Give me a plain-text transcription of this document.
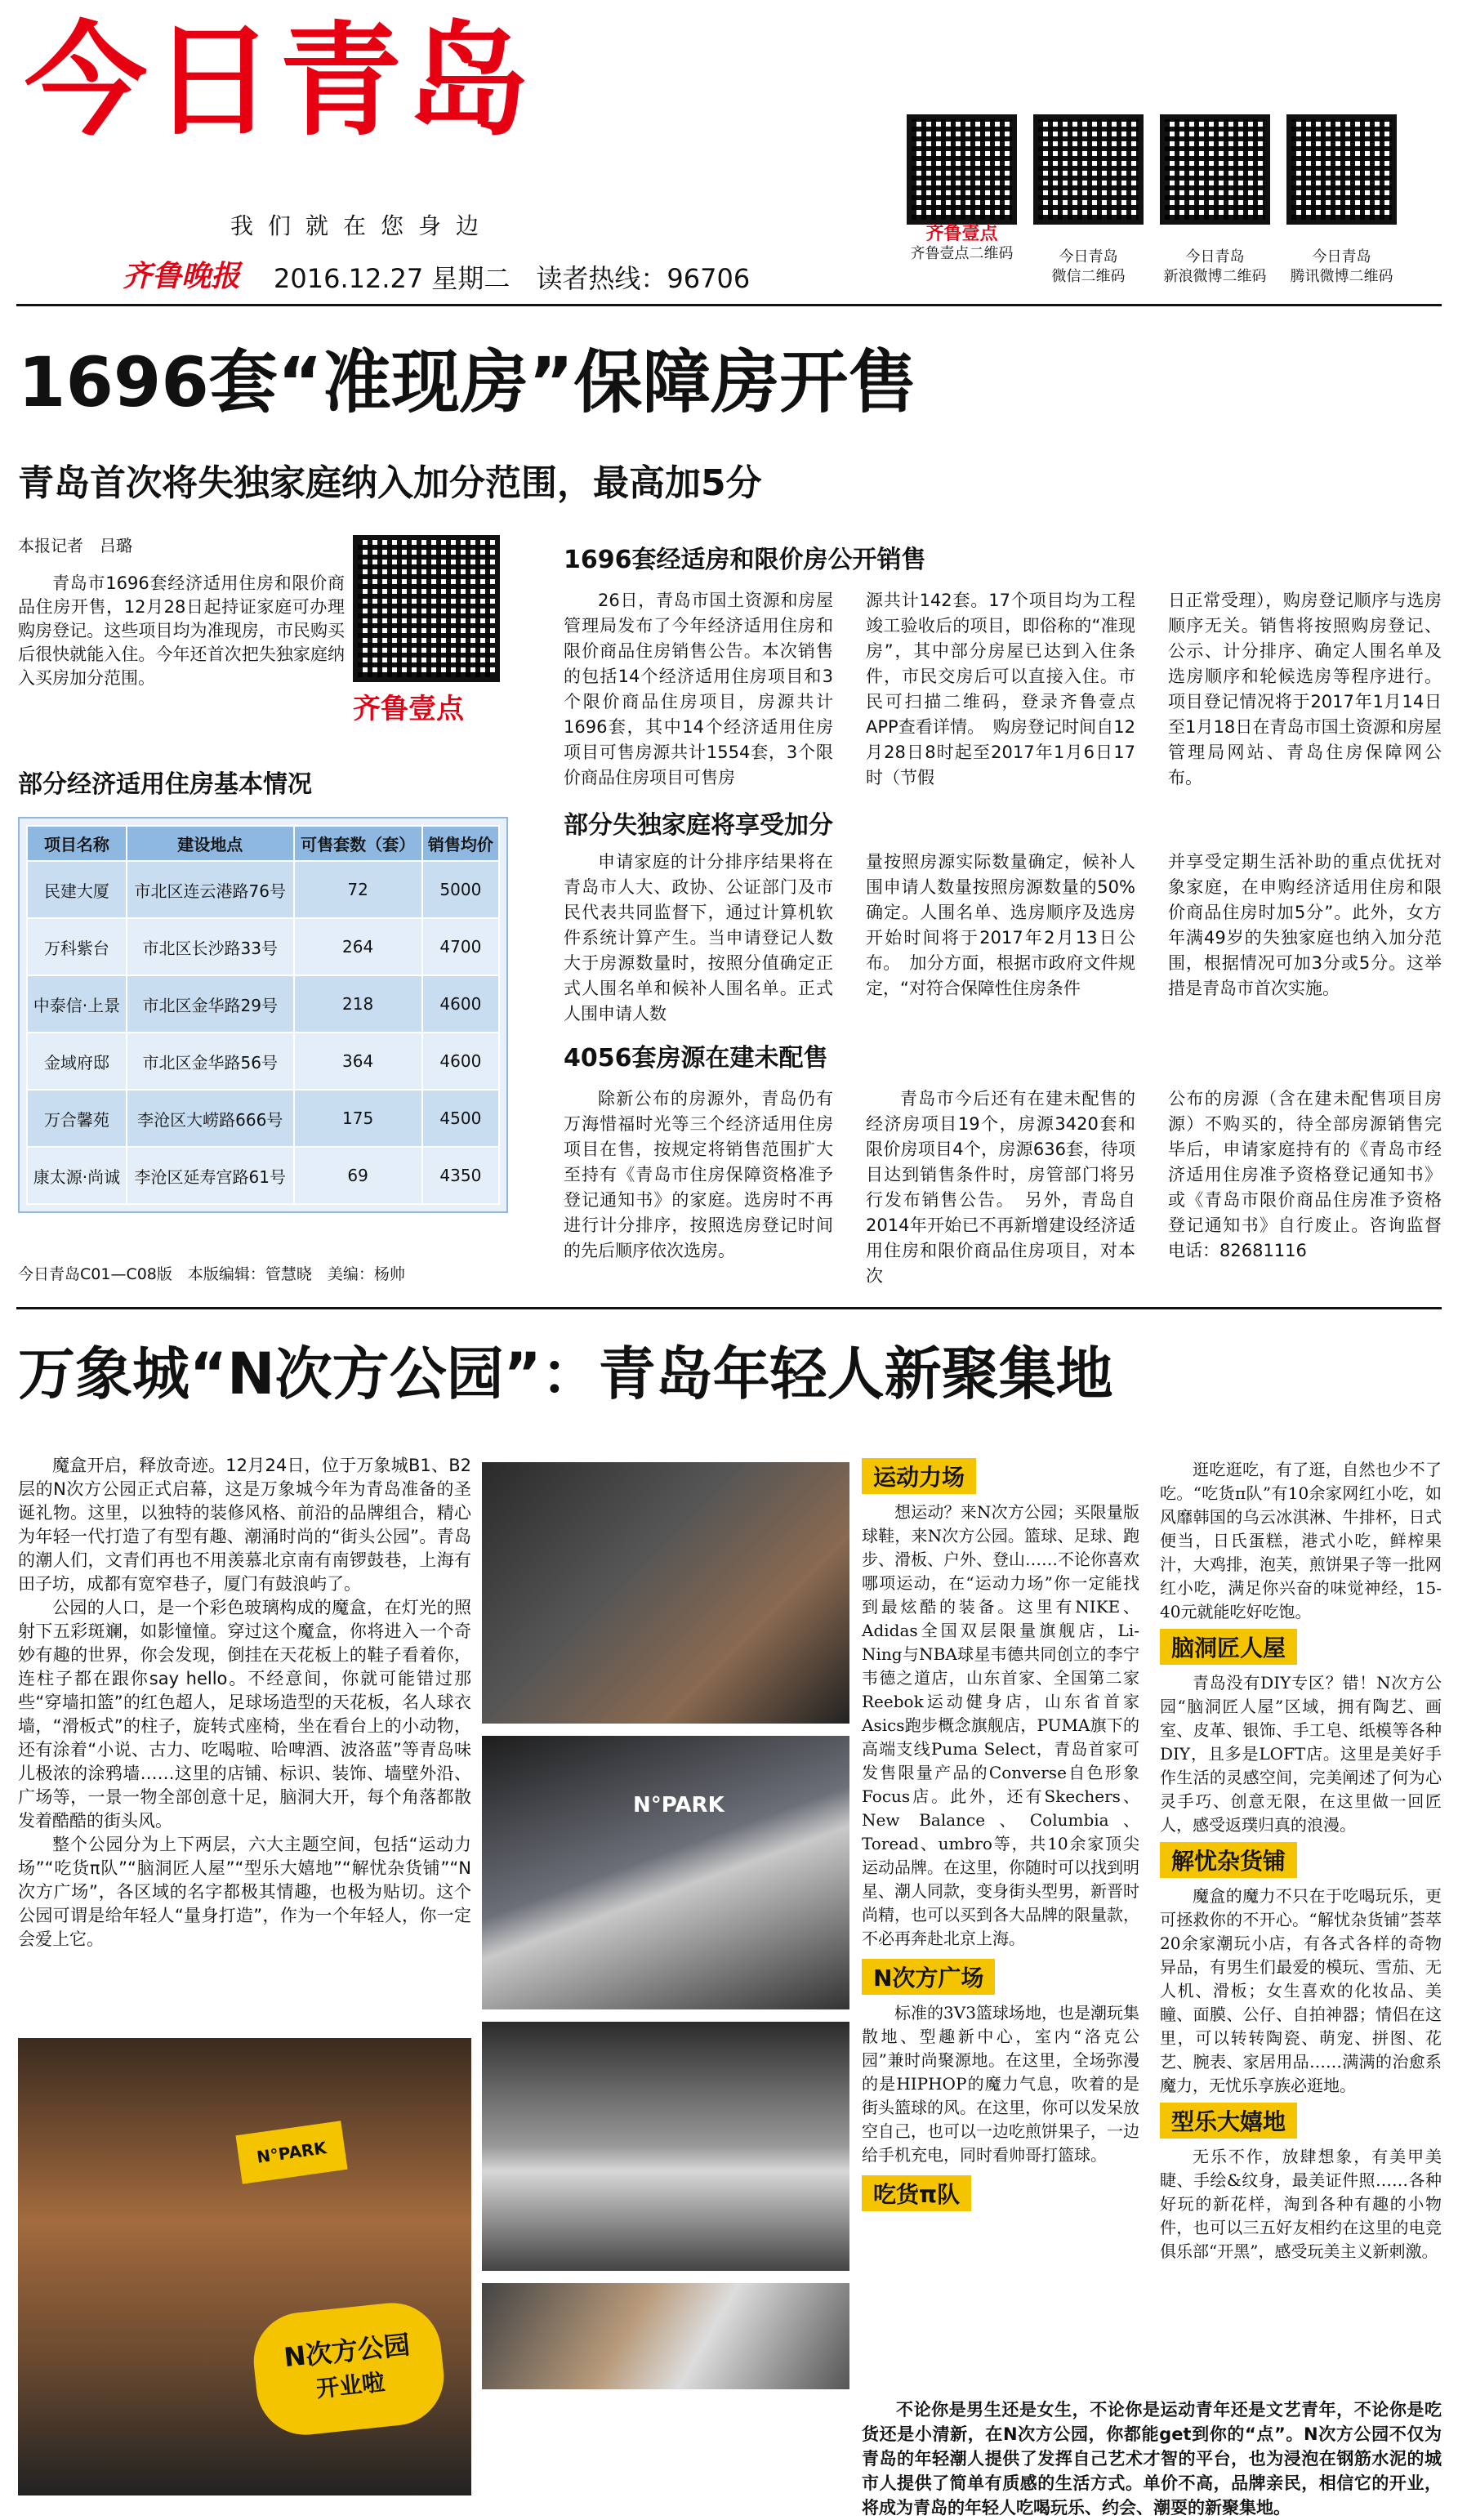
今日青岛
我们就在您身边
齐鲁晚报 2016.12.27 星期二　 读者热线：96706
齐鲁壹点
齐鲁壹点二维码	今日青岛
微信二维码
今日青岛
新浪微博二维码
今日青岛
腾讯微博二维码
1696套“准现房”保障房开售
青岛首次将失独家庭纳入加分范围，最高加5分
本报记者　吕璐

青岛市1696套经济适用住房和限价商品住房开售，12月28日起持证家庭可办理购房登记。这些项目均为准现房，市民购买后很快就能入住。今年还首次把失独家庭纳入买房加分范围。

齐鲁壹点
部分经济适用住房基本情况
项目名称	建设地点	可售套数（套）	销售均价
民建大厦	市北区连云港路76号	72	5000
万科紫台	市北区长沙路33号	264	4700
中泰信·上景	市北区金华路29号	218	4600
金域府邸	市北区金华路56号	364	4600
万合馨苑	李沧区大崂路666号	175	4500
康太源·尚诚	李沧区延寿宫路61号	69	4350
今日青岛C01—C08版　本版编辑：管慧晓　美编：杨帅
1696套经适房和限价房公开销售

26日，青岛市国土资源和房屋管理局发布了今年经济适用住房和限价商品住房销售公告。本次销售的包括14个经济适用住房项目和3个限价商品住房项目，房源共计1696套，其中14个经济适用住房项目可售房源共计1554套，3个限价商品住房项目可售房

源共计142套。17个项目均为工程竣工验收后的项目，即俗称的“准现房”，其中部分房屋已达到入住条件，市民交房后可以直接入住。市民可扫描二维码，登录齐鲁壹点APP查看详情。　购房登记时间自12月28日8时起至2017年1月6日17时（节假

日正常受理），购房登记顺序与选房顺序无关。销售将按照购房登记、公示、计分排序、确定人围名单及选房顺序和轮候选房等程序进行。项目登记情况将于2017年1月14日至1月18日在青岛市国土资源和房屋管理局网站、青岛住房保障网公布。

部分失独家庭将享受加分

申请家庭的计分排序结果将在青岛市人大、政协、公证部门及市民代表共同监督下，通过计算机软件系统计算产生。当申请登记人数大于房源数量时，按照分值确定正式人围名单和候补人围名单。正式人围申请人数

量按照房源实际数量确定，候补人围申请人数量按照房源数量的50%确定。人围名单、选房顺序及选房开始时间将于2017年2月13日公布。　加分方面，根据市政府文件规定，“对符合保障性住房条件

并享受定期生活补助的重点优抚对象家庭，在申购经济适用住房和限价商品住房时加5分”。此外，女方年满49岁的失独家庭也纳入加分范围，根据情况可加3分或5分。这举措是青岛市首次实施。

4056套房源在建未配售

除新公布的房源外，青岛仍有万海惜福时光等三个经济适用住房项目在售，按规定将销售范围扩大至持有《青岛市住房保障资格准予登记通知书》的家庭。选房时不再进行计分排序，按照选房登记时间的先后顺序依次选房。

青岛市今后还有在建未配售的经济房项目19个，房源3420套和限价房项目4个，房源636套，待项目达到销售条件时，房管部门将另行发布销售公告。　另外，青岛自2014年开始已不再新增建设经济适用住房和限价商品住房项目，对本次

公布的房源（含在建未配售项目房源）不购买的，待全部房源销售完毕后，申请家庭持有的《青岛市经济适用住房准予资格登记通知书》或《青岛市限价商品住房准予资格登记通知书》自行废止。咨询监督电话：82681116

万象城“N次方公园”：青岛年轻人新聚集地

魔盒开启，释放奇迹。12月24日，位于万象城B1、B2层的N次方公园正式启幕，这是万象城今年为青岛准备的圣诞礼物。这里，以独特的装修风格、前沿的品牌组合，精心为年轻一代打造了有型有趣、潮涌时尚的“街头公园”。青岛的潮人们，文青们再也不用羡慕北京南有南锣鼓巷，上海有田子坊，成都有宽窄巷子，厦门有鼓浪屿了。

公园的人口，是一个彩色玻璃构成的魔盒，在灯光的照射下五彩斑斓，如影憧憧。穿过这个魔盒，你将进入一个奇妙有趣的世界，你会发现，倒挂在天花板上的鞋子看着你，连柱子都在跟你say hello。不经意间，你就可能错过那些“穿墙扣篮”的红色超人，足球场造型的天花板，名人球衣墙，“滑板式”的柱子，旋转式座椅，坐在看台上的小动物，还有涂着“小说、古力、吃喝啦、哈啤酒、波洛蓝”等青岛味儿极浓的涂鸦墙……这里的店铺、标识、装饰、墙壁外沿、广场等，一景一物全部创意十足，脑洞大开，每个角落都散发着酷酷的街头风。

整个公园分为上下两层，六大主题空间，包括“运动力场”“吃货π队”“脑洞匠人屋”“型乐大嬉地”“解忧杂货铺”“N次方广场”，各区域的名字都极其情趣，也极为贴切。这个公园可谓是给年轻人“量身打造”，作为一个年轻人，你一定会爱上它。

N°PARK
N次方公园
开业啦
N°PARK
运动力场

想运动？来N次方公园；买限量版球鞋，来N次方公园。篮球、足球、跑步、滑板、户外、登山……不论你喜欢哪项运动，在“运动力场”你一定能找到最炫酷的装备。这里有NIKE、Adidas全国双层限量旗舰店，Li-Ning与NBA球星韦德共同创立的李宁韦德之道店，山东首家、全国第二家Reebok运动健身店，山东省首家Asics跑步概念旗舰店，PUMA旗下的高端支线Puma Select，青岛首家可发售限量产品的Converse自色形象Focus店。此外，还有Skechers、New Balance、Columbia、Toread、umbro等，共10余家顶尖运动品牌。在这里，你随时可以找到明星、潮人同款，变身街头型男，新晋时尚精，也可以买到各大品牌的限量款，不必再奔赴北京上海。

N次方广场

标准的3V3篮球场地，也是潮玩集散地、型趣新中心，室内“洛克公园”兼时尚聚源地。在这里，全场弥漫的是HIPHOP的魔力气息，吹着的是街头篮球的风。在这里，你可以发呆放空自己，也可以一边吃煎饼果子，一边给手机充电，同时看帅哥打篮球。

吃货π队

逛吃逛吃，有了逛，自然也少不了吃。“吃货π队”有10余家网红小吃，如风靡韩国的乌云冰淇淋、牛排杯，日式便当，日氏蛋糕，港式小吃，鲜榨果汁，大鸡排，泡芙，煎饼果子等一批网红小吃，满足你兴奋的味觉神经，15-40元就能吃好吃饱。

脑洞匠人屋

青岛没有DIY专区？错！N次方公园“脑洞匠人屋”区域，拥有陶艺、画室、皮革、银饰、手工皂、纸模等各种DIY，且多是LOFT店。这里是美好手作生活的灵感空间，完美阐述了何为心灵手巧、创意无限，在这里做一回匠人，感受返璞归真的浪漫。

解忧杂货铺

魔盒的魔力不只在于吃喝玩乐，更可拯救你的不开心。“解忧杂货铺”荟萃20余家潮玩小店，有各式各样的奇物异品，有男生们最爱的模玩、雪茄、无人机、滑板；女生喜欢的化妆品、美瞳、面膜、公仔、自拍神器；情侣在这里，可以转转陶瓷、萌宠、拼图、花艺、腕表、家居用品……满满的治愈系魔力，无忧乐享族必逛地。

型乐大嬉地

无乐不作，放肆想象，有美甲美睫、手绘&纹身，最美证件照……各种好玩的新花样，淘到各种有趣的小物件，也可以三五好友相约在这里的电竞俱乐部“开黑”，感受玩美主义新刺激。

不论你是男生还是女生，不论你是运动青年还是文艺青年，不论你是吃货还是小清新，在N次方公园，你都能get到你的“点”。N次方公园不仅为青岛的年轻潮人提供了发挥自己艺术才智的平台，也为浸泡在钢筋水泥的城市人提供了简单有质感的生活方式。单价不高，品牌亲民，相信它的开业，将成为青岛的年轻人吃喝玩乐、约会、潮耍的新聚集地。
